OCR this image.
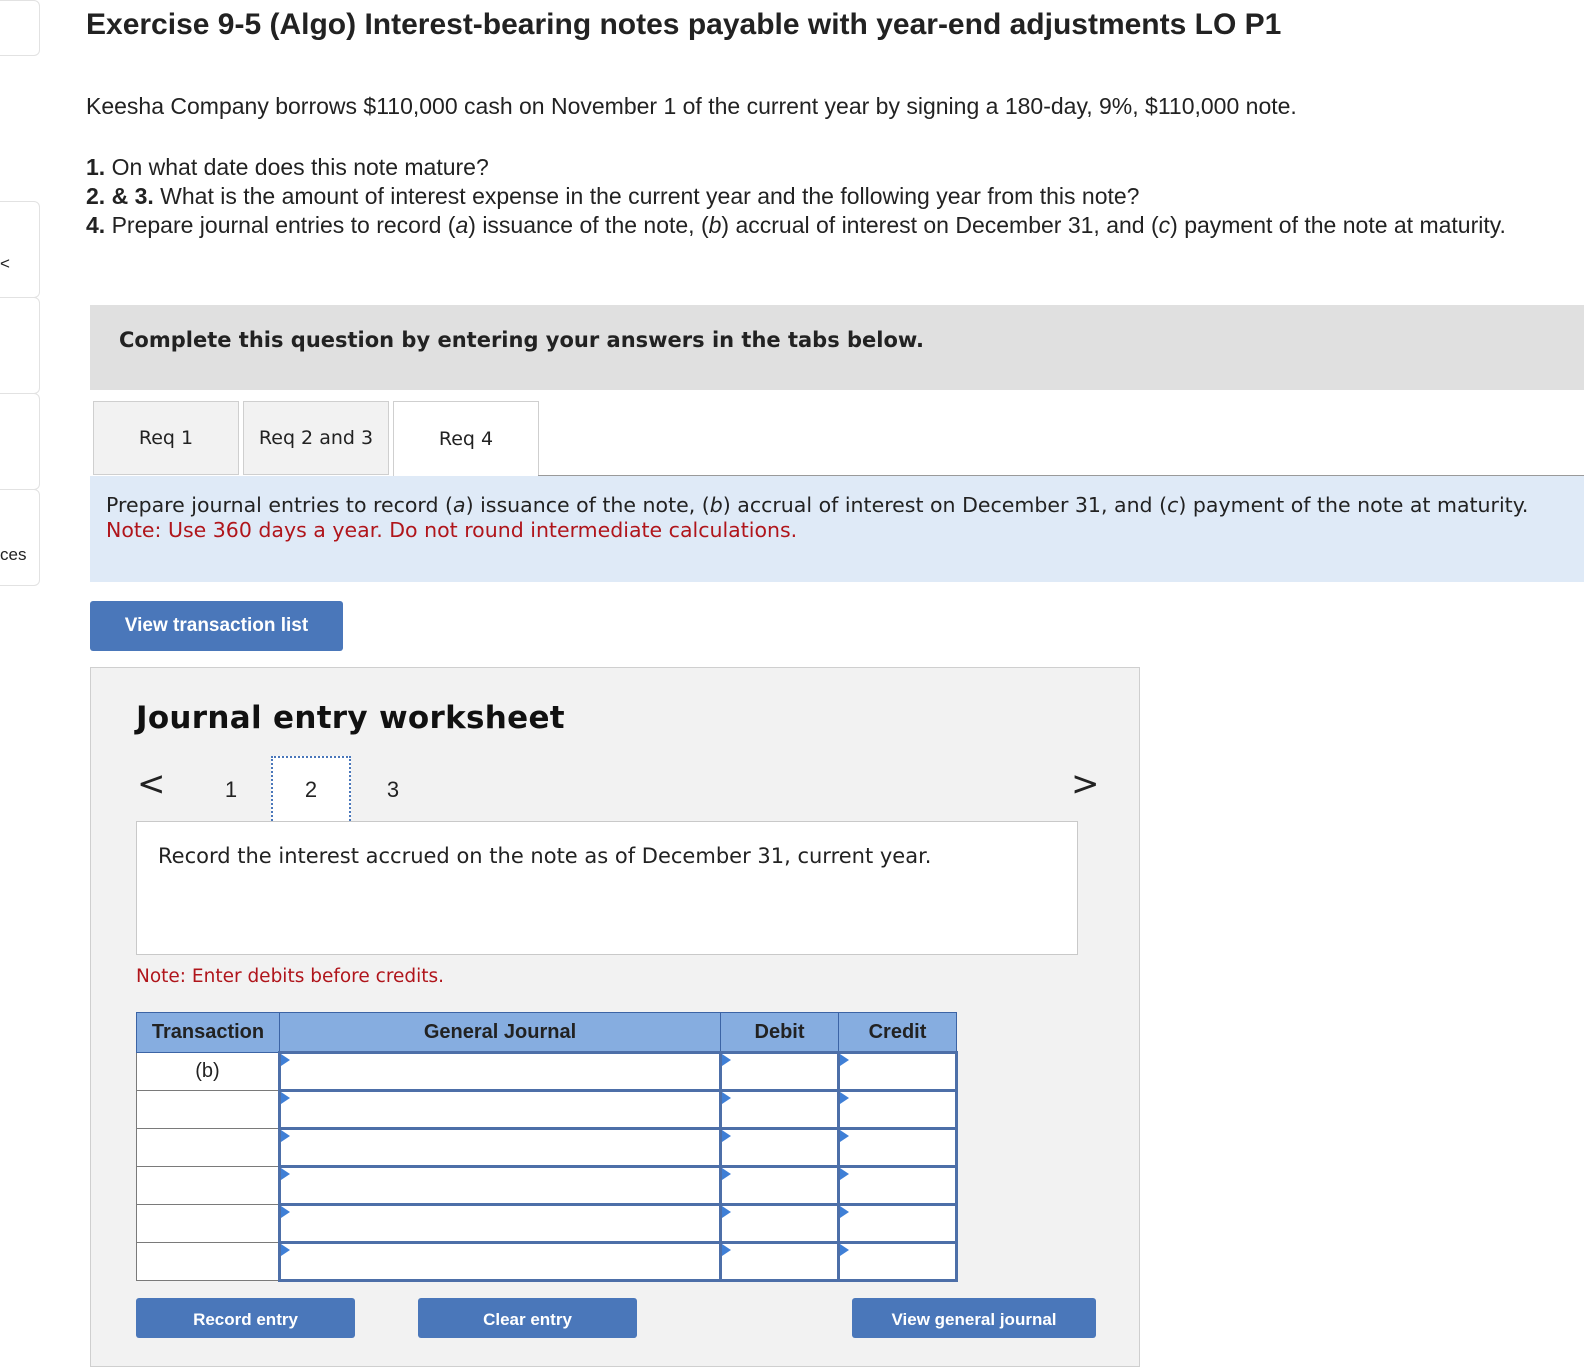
<
ces
Exercise 9-5 (Algo) Interest-bearing notes payable with year-end adjustments LO P1
Keesha Company borrows $110,000 cash on November 1 of the current year by signing a 180-day, 9%, $110,000 note.
1. On what date does this note mature?
2. & 3. What is the amount of interest expense in the current year and the following year from this note?
4. Prepare journal entries to record (a) issuance of the note, (b) accrual of interest on December 31, and (c) payment of the note at maturity.
Complete this question by entering your answers in the tabs below.
Req 1	Req 2 and 3	Req 4
Prepare journal entries to record (a) issuance of the note, (b) accrual of interest on December 31, and (c) payment of the note at maturity.
Note: Use 360 days a year. Do not round intermediate calculations.
View transaction list
Journal entry worksheet
<	1	2	3	>
Record the interest accrued on the note as of December 31, current year.
Note: Enter debits before credits.
Transaction	General Journal	Debit	Credit
(b)	

Record entry	Clear entry	View general journal
